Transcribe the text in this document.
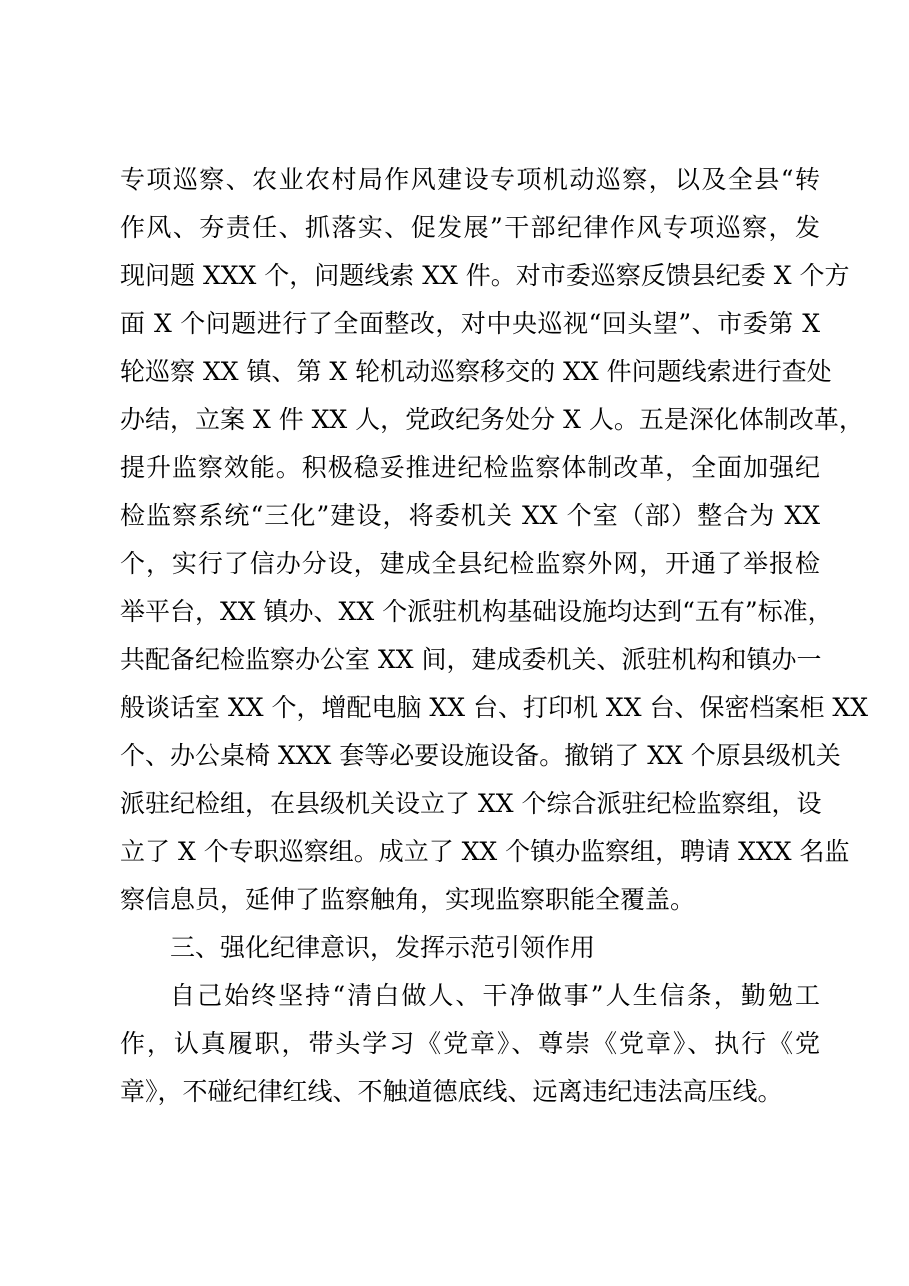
专项巡察、农业农村局作风建设专项机动巡察，以及全县“转

作风、夯责任、抓落实、促发展”干部纪律作风专项巡察，发

现问题 XXX 个，问题线索 XX 件。对市委巡察反馈县纪委 X 个方

面 X 个问题进行了全面整改，对中央巡视“回头望”、市委第 X

轮巡察 XX 镇、第 X 轮机动巡察移交的 XX 件问题线索进行查处

办结，立案 X 件 XX 人，党政纪务处分 X 人。五是深化体制改革，

提升监察效能。积极稳妥推进纪检监察体制改革，全面加强纪

检监察系统“三化”建设，将委机关 XX 个室（部）整合为 XX

个，实行了信办分设，建成全县纪检监察外网，开通了举报检

举平台，XX 镇办、XX 个派驻机构基础设施均达到“五有”标准，

共配备纪检监察办公室 XX 间，建成委机关、派驻机构和镇办一

般谈话室 XX 个，增配电脑 XX 台、打印机 XX 台、保密档案柜 XX

个、办公桌椅 XXX 套等必要设施设备。撤销了 XX 个原县级机关

派驻纪检组，在县级机关设立了 XX 个综合派驻纪检监察组，设

立了 X 个专职巡察组。成立了 XX 个镇办监察组，聘请 XXX 名监

察信息员，延伸了监察触角，实现监察职能全覆盖。

三、强化纪律意识，发挥示范引领作用

自己始终坚持“清白做人、干净做事”人生信条，勤勉工

作，认真履职，带头学习《党章》、尊崇《党章》、执行《党

章》，不碰纪律红线、不触道德底线、远离违纪违法高压线。
